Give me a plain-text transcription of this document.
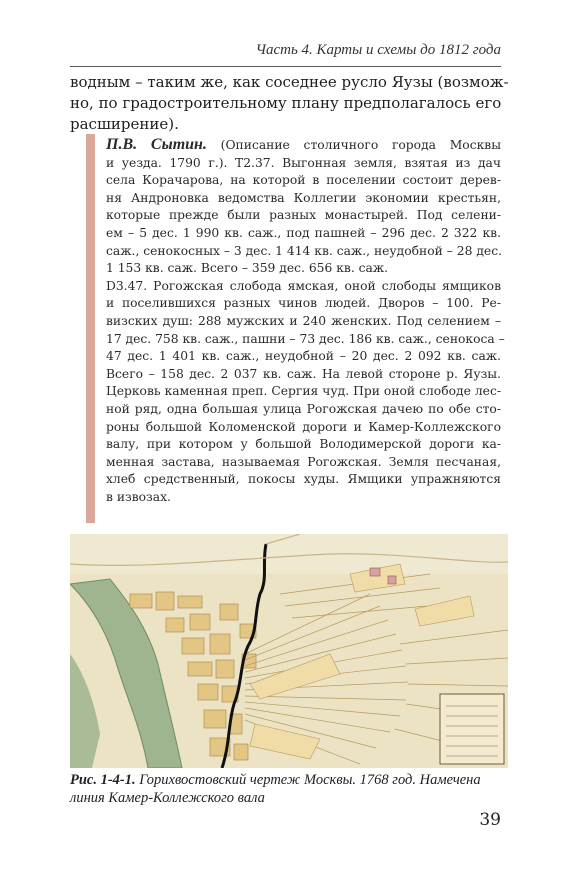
Часть 4. Карты и схемы до 1812 года
водным – таким же, как соседнее русло Яузы (возмож-
но, по градостроительному плану предполагалось его
расширение).
П.В. Сытин. (Описание столичного города Москвы
и уезда. 1790 г.). Т2.37. Выгонная земля, взятая из дач
села Корачарова, на которой в поселении состоит дерев-
ня Андроновка ведомства Коллегии экономии крестьян,
которые прежде были разных монастырей. Под селени-
ем – 5 дес. 1 990 кв. саж., под пашней – 296 дес. 2 322 кв.
саж., сенокосных – 3 дес. 1 414 кв. саж., неудобной – 28 дес.
1 153 кв. саж. Всего – 359 дес. 656 кв. саж.
D3.47. Рогожская слобода ямская, оной слободы ямщиков
и поселившихся разных чинов людей. Дворов – 100. Ре-
визских душ: 288 мужских и 240 женских. Под селением –
17 дес. 758 кв. саж., пашни – 73 дес. 186 кв. саж., сенокоса –
47 дес. 1 401 кв. саж., неудобной – 20 дес. 2 092 кв. саж.
Всего – 158 дес. 2 037 кв. саж. На левой стороне р. Яузы.
Церковь каменная преп. Сергия чуд. При оной слободе лес-
ной ряд, одна большая улица Рогожская дачею по обе сто-
роны большой Коломенской дороги и Камер-Коллежского
валу, при котором у большой Володимерской дороги ка-
менная застава, называемая Рогожская. Земля песчаная,
хлеб средственный, покосы худы. Ямщики упражняются
в извозах.
Рис. 1-4-1. Горихвостовский чертеж Москвы. 1768 год. Намечена линия Камер-Коллежского вала
39
